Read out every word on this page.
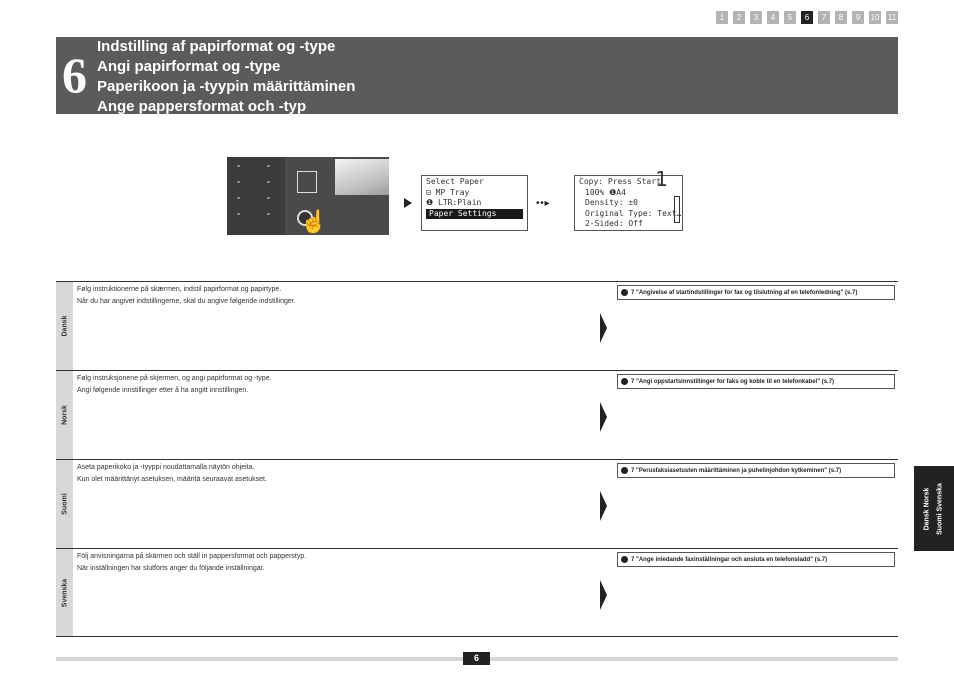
1	2	3	4	5	6	7	8	9	10 11
6
Indstilling af papirformat og -type
Angi papirformat og -type
Paperikoon ja -tyypin määrittäminen
Ange pappersformat och -typ
☝
Select Paper
⊟ MP Tray
❶ LTR:Plain
Paper Settings
• • ▸
Copy: Press Start
100% ❶A4
Density: ±0
Original Type: Text…
2-Sided: Off
1
Dansk
Følg instruktionerne på skærmen, indstil papirformat og papirtype.
Når du har angivet indstillingerne, skal du angive følgende indstillinger.
7 "Angivelse af startindstillinger for fax og tilslutning af en telefonledning" (s.7)
Norsk
Følg instruksjonene på skjermen, og angi papirformat og -type.
Angi følgende innstillinger etter å ha angitt innstillingen.
7 "Angi oppstartsinnstillinger for faks og koble til en telefonkabel" (s.7)
Suomi
Aseta paperikoko ja -tyyppi noudattamalla näytön ohjeita.
Kun olet määrittänyt asetuksen, määritä seuraavat asetukset.
7 "Perusfaksiasetusten määrittäminen ja puhelinjohdon kytkeminen" (s.7)
Svenska
Följ anvisningarna på skärmen och ställ in pappersformat och papperstyp.
När inställningen har slutförts anger du följande inställningar.
7 "Ange inledande faxinställningar och ansluta en telefonsladd" (s.7)
Dansk Norsk Suomi Svenska
6
